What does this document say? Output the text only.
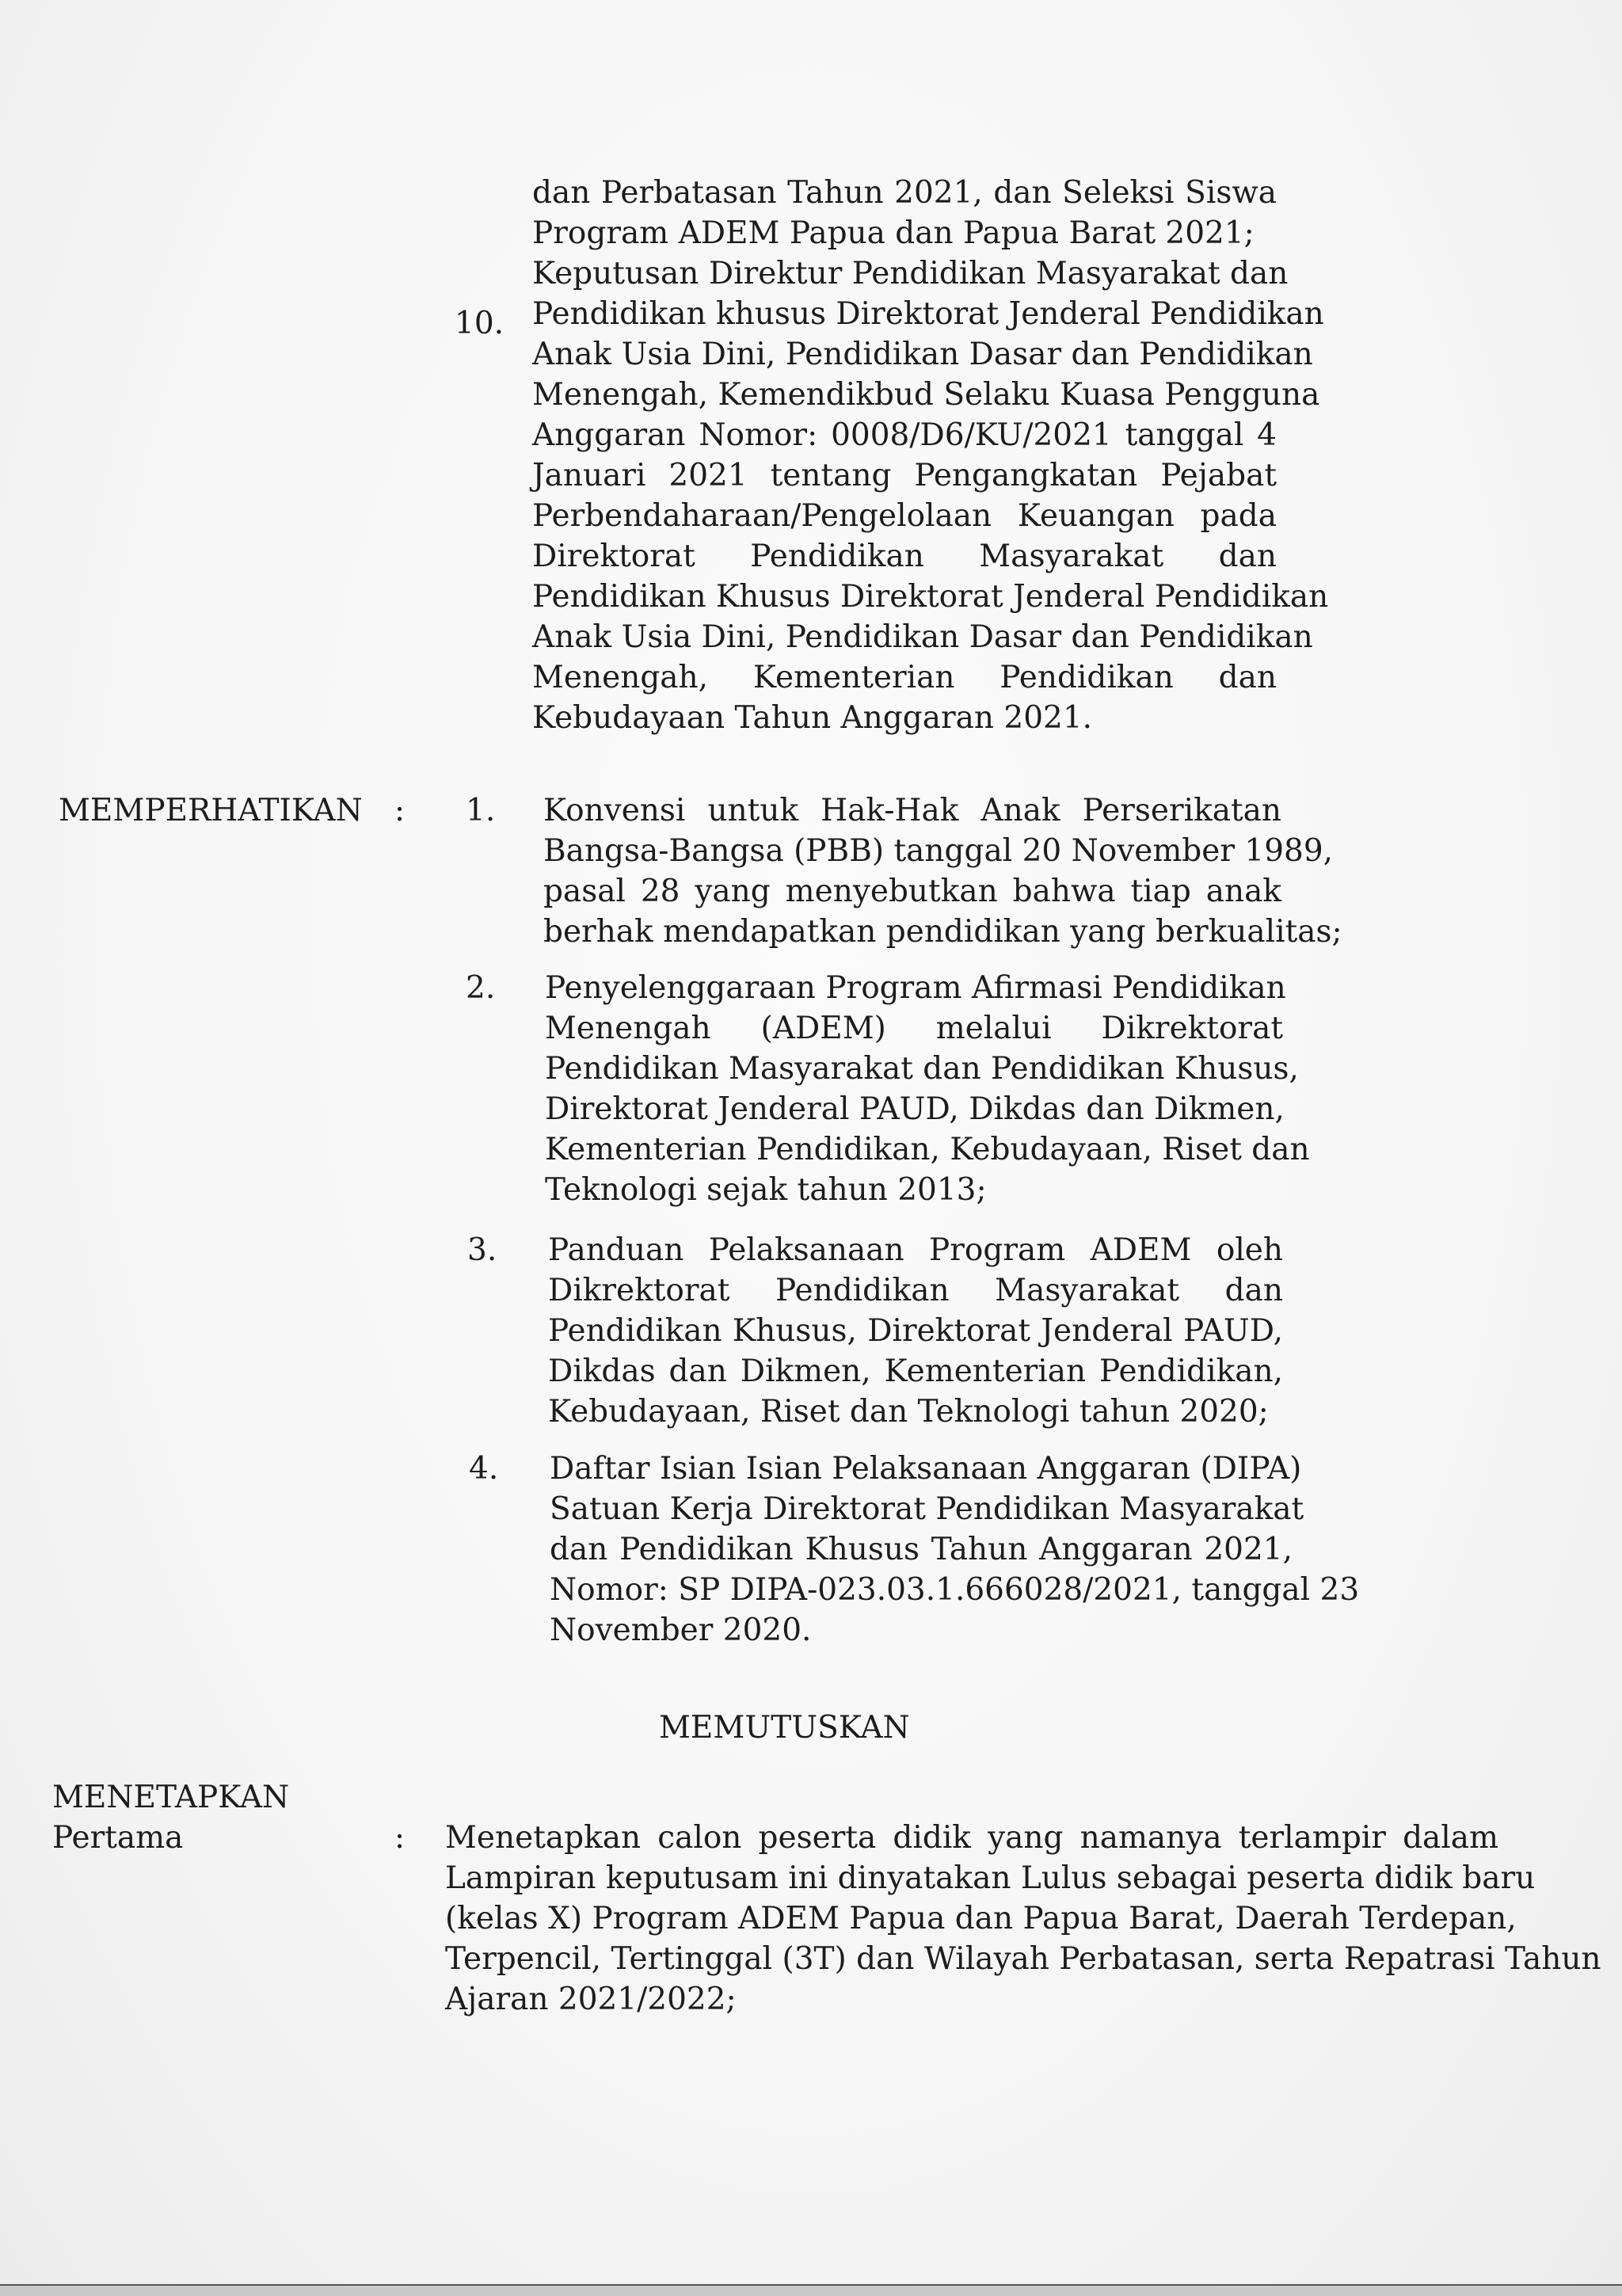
10.
dan Perbatasan Tahun 2021, dan Seleksi Siswa
Program ADEM Papua dan Papua Barat 2021;
Keputusan Direktur Pendidikan Masyarakat dan
Pendidikan khusus Direktorat Jenderal Pendidikan
Anak Usia Dini, Pendidikan Dasar dan Pendidikan
Menengah, Kemendikbud Selaku Kuasa Pengguna
Anggaran Nomor: 0008/D6/KU/2021 tanggal 4
Januari 2021 tentang Pengangkatan Pejabat
Perbendaharaan/Pengelolaan Keuangan pada
Direktorat Pendidikan Masyarakat dan
Pendidikan Khusus Direktorat Jenderal Pendidikan
Anak Usia Dini, Pendidikan Dasar dan Pendidikan
Menengah, Kementerian Pendidikan dan
Kebudayaan Tahun Anggaran 2021.
MEMPERHATIKAN : 1. Konvensi untuk Hak-Hak Anak Perserikatan
Bangsa-Bangsa (PBB) tanggal 20 November 1989,
pasal 28 yang menyebutkan bahwa tiap anak
berhak mendapatkan pendidikan yang berkualitas;
2. Penyelenggaraan Program Afirmasi Pendidikan
Menengah (ADEM) melalui Dikrektorat
Pendidikan Masyarakat dan Pendidikan Khusus,
Direktorat Jenderal PAUD, Dikdas dan Dikmen,
Kementerian Pendidikan, Kebudayaan, Riset dan
Teknologi sejak tahun 2013;
3. Panduan Pelaksanaan Program ADEM oleh
Dikrektorat Pendidikan Masyarakat dan
Pendidikan Khusus, Direktorat Jenderal PAUD,
Dikdas dan Dikmen, Kementerian Pendidikan,
Kebudayaan, Riset dan Teknologi tahun 2020;
4. Daftar Isian Isian Pelaksanaan Anggaran (DIPA)
Satuan Kerja Direktorat Pendidikan Masyarakat
dan Pendidikan Khusus Tahun Anggaran 2021,
Nomor: SP DIPA-023.03.1.666028/2021, tanggal 23
November 2020.
MEMUTUSKAN
MENETAPKAN
Pertama	: Menetapkan calon peserta didik yang namanya terlampir dalam
Lampiran keputusam ini dinyatakan Lulus sebagai peserta didik baru
(kelas X) Program ADEM Papua dan Papua Barat, Daerah Terdepan,
Terpencil, Tertinggal (3T) dan Wilayah Perbatasan, serta Repatrasi Tahun
Ajaran 2021/2022;
